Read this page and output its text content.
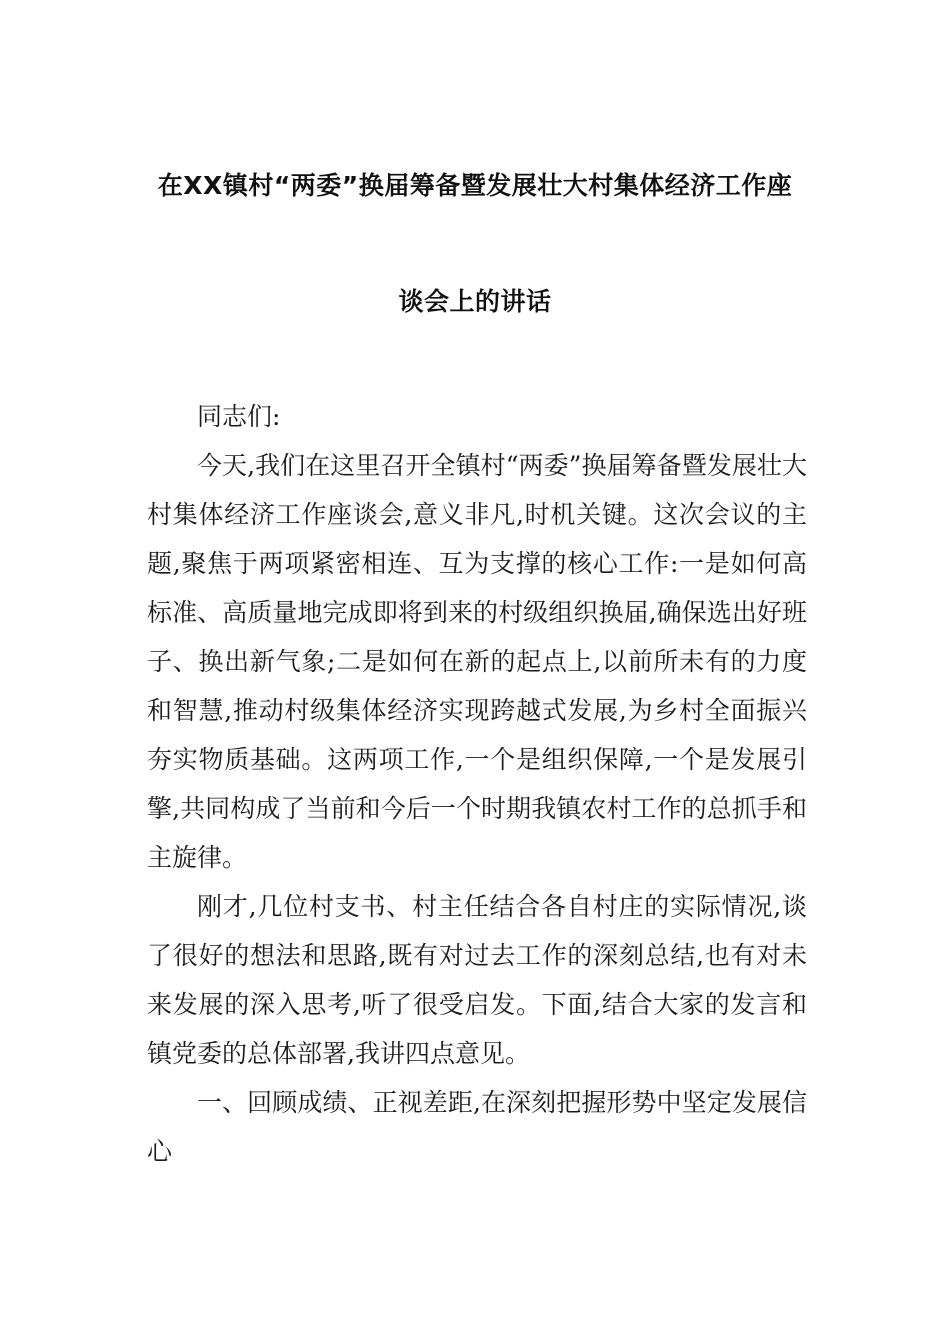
在XX镇村“两委”换届筹备暨发展壮大村集体经济工作座
谈会上的讲话

同志们:

今天,我们在这里召开全镇村“两委”换届筹备暨发展壮大村集体经济工作座谈会,意义非凡,时机关键。这次会议的主题,聚焦于两项紧密相连、互为支撑的核心工作:一是如何高标准、高质量地完成即将到来的村级组织换届,确保选出好班子、换出新气象;二是如何在新的起点上,以前所未有的力度和智慧,推动村级集体经济实现跨越式发展,为乡村全面振兴夯实物质基础。这两项工作,一个是组织保障,一个是发展引擎,共同构成了当前和今后一个时期我镇农村工作的总抓手和主旋律。

刚才,几位村支书、村主任结合各自村庄的实际情况,谈了很好的想法和思路,既有对过去工作的深刻总结,也有对未来发展的深入思考,听了很受启发。下面,结合大家的发言和镇党委的总体部署,我讲四点意见。

一、回顾成绩、正视差距,在深刻把握形势中坚定发展信心
